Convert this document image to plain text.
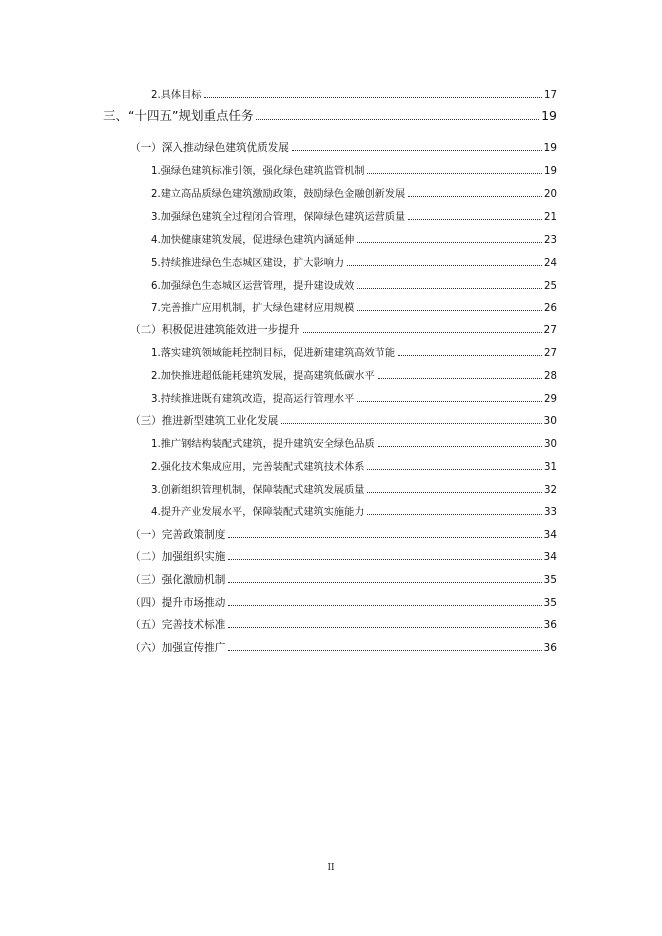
2.具体目标	17
三、“十四五”规划重点任务	19
（一）深入推动绿色建筑优质发展	19
1.强绿色建筑标准引领，强化绿色建筑监管机制	19
2.建立高品质绿色建筑激励政策，鼓励绿色金融创新发展	20
3.加强绿色建筑全过程闭合管理，保障绿色建筑运营质量	21
4.加快健康建筑发展，促进绿色建筑内涵延伸	23
5.持续推进绿色生态城区建设，扩大影响力	24
6.加强绿色生态城区运营管理，提升建设成效	25
7.完善推广应用机制，扩大绿色建材应用规模	26
（二）积极促进建筑能效进一步提升	27
1.落实建筑领域能耗控制目标，促进新建建筑高效节能	27
2.加快推进超低能耗建筑发展，提高建筑低碳水平	28
3.持续推进既有建筑改造，提高运行管理水平	29
（三）推进新型建筑工业化发展	30
1.推广钢结构装配式建筑，提升建筑安全绿色品质	30
2.强化技术集成应用，完善装配式建筑技术体系	31
3.创新组织管理机制，保障装配式建筑发展质量	32
4.提升产业发展水平，保障装配式建筑实施能力	33
（一）完善政策制度	34
（二）加强组织实施	34
（三）强化激励机制	35
（四）提升市场推动	35
（五）完善技术标准	36
（六）加强宣传推广	36
II
